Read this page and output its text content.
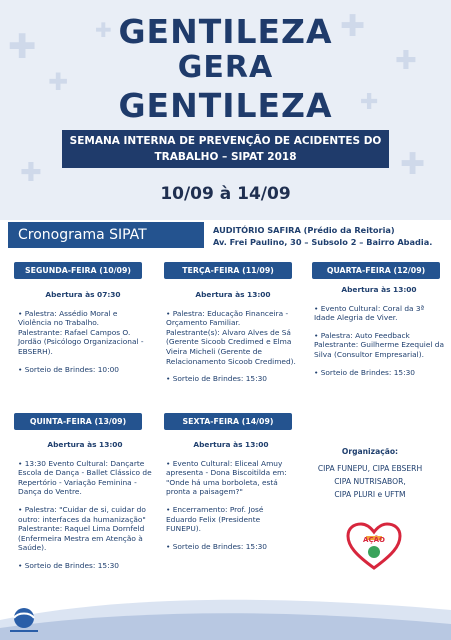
✚
✚
✚	✚
✚
✚
✚	✚
GENTILEZA
GERA
GENTILEZA
SEMANA INTERNA DE PREVENÇÃO DE ACIDENTES DO
TRABALHO – SIPAT 2018
10/09 à 14/09
Cronograma SIPAT	AUDITÓRIO SAFIRA (Prédio da Reitoria)
Av. Frei Paulino, 30 – Subsolo 2 – Bairro Abadia.
SEGUNDA-FEIRA (10/09)	TERÇA-FEIRA (11/09)	QUARTA-FEIRA (12/09)
Abertura às 07:30
• Palestra: Assédio Moral e Violência no Trabalho.
Palestrante: Rafael Campos O. Jordão (Psicólogo Organizacional - EBSERH).
• Sorteio de Brindes: 10:00
Abertura às 13:00
• Palestra: Educação Financeira - Orçamento Familiar.
Palestrante(s): Alvaro Alves de Sá (Gerente Sicoob Credimed e Elma Vieira Micheli (Gerente de Relacionamento Sicoob Credimed).
• Sorteio de Brindes: 15:30
Abertura às 13:00
• Evento Cultural: Coral da 3ª Idade Alegria de Viver.
• Palestra: Auto Feedback
Palestrante: Guilherme Ezequiel da Silva (Consultor Empresarial).
• Sorteio de Brindes: 15:30
QUINTA-FEIRA (13/09)	SEXTA-FEIRA (14/09)
Abertura às 13:00
• 13:30 Evento Cultural: Dançarte Escola de Dança - Ballet Clássico de Repertório - Variação Feminina - Dança do Ventre.
• Palestra: "Cuidar de si, cuidar do outro: interfaces da humanização"
Palestrante: Raquel Lima Dornfeld (Enfermeira Mestra em Atenção à Saúde).
• Sorteio de Brindes: 15:30
Abertura às 13:00
• Evento Cultural: Eliceal Amuy apresenta - Dona Biscoitilda em: "Onde há uma borboleta, está pronta a paisagem?"
• Encerramento: Prof. José Eduardo Felix (Presidente FUNEPU).
• Sorteio de Brindes: 15:30
Organização:
CIPA FUNEPU, CIPA EBSERH
CIPA NUTRISABOR,
CIPA PLURI e UFTM
AÇÃO
